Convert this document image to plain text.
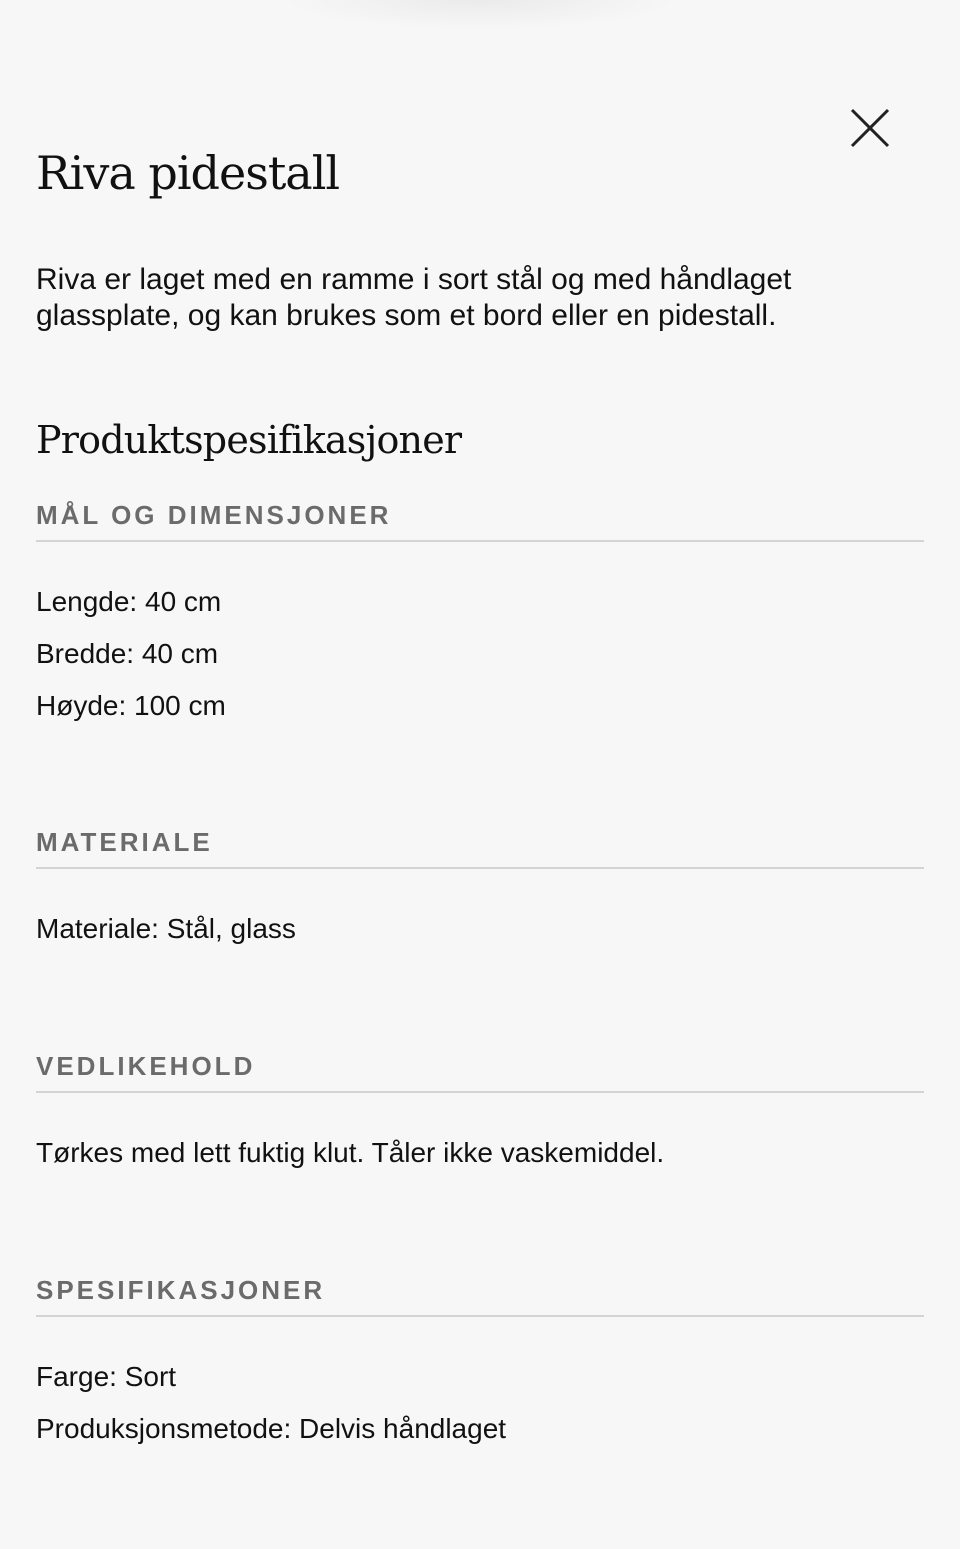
Riva pidestall

Riva er laget med en ramme i sort stål og med håndlaget glassplate, og kan brukes som et bord eller en pidestall.

Produktspesifikasjoner
MÅL OG DIMENSJONER
Lengde: 40 cm
Bredde: 40 cm
Høyde: 100 cm
MATERIALE
Materiale: Stål, glass
VEDLIKEHOLD
Tørkes med lett fuktig klut. Tåler ikke vaskemiddel.
SPESIFIKASJONER
Farge: Sort
Produksjonsmetode: Delvis håndlaget
